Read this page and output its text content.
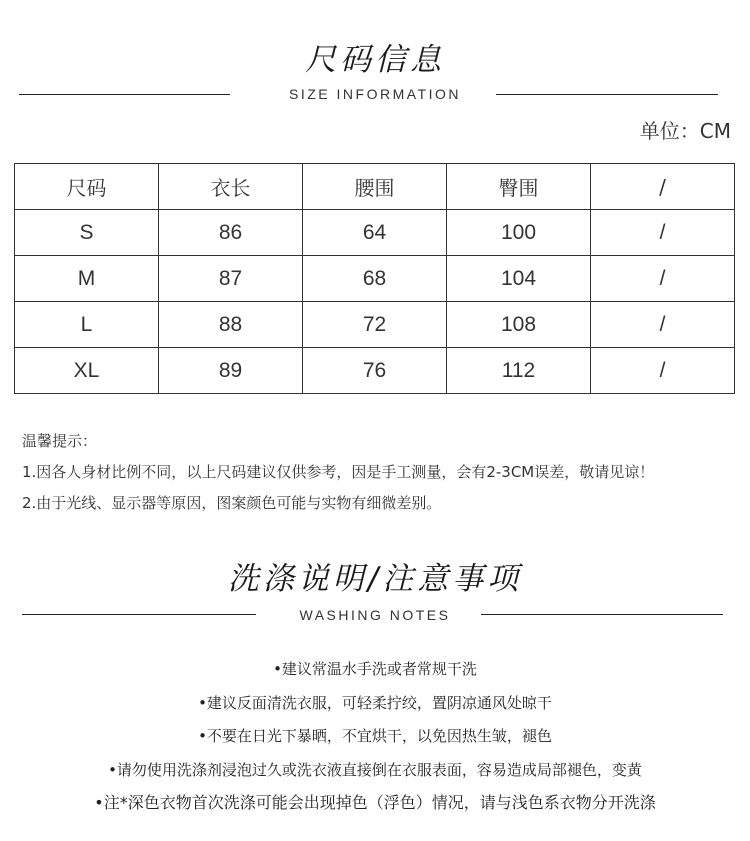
尺码信息
SIZE INFORMATION
单位：CM
尺码	衣长	腰围	臀围	/
S	86	64	100	/
M	87	68	104	/
L	88	72	108	/
XL	89	76	112	/
温馨提示：
1.因各人身材比例不同，以上尺码建议仅供参考，因是手工测量，会有2-3CM误差，敬请见谅！
2.由于光线、显示器等原因，图案颜色可能与实物有细微差别。
洗涤说明/注意事项
WASHING NOTES
•建议常温水手洗或者常规干洗
•建议反面清洗衣服，可轻柔拧绞，置阴凉通风处晾干
•不要在日光下暴晒，不宜烘干，以免因热生皱，褪色
•请勿使用洗涤剂浸泡过久或洗衣液直接倒在衣服表面，容易造成局部褪色，变黄
•注*深色衣物首次洗涤可能会出现掉色（浮色）情况，请与浅色系衣物分开洗涤
